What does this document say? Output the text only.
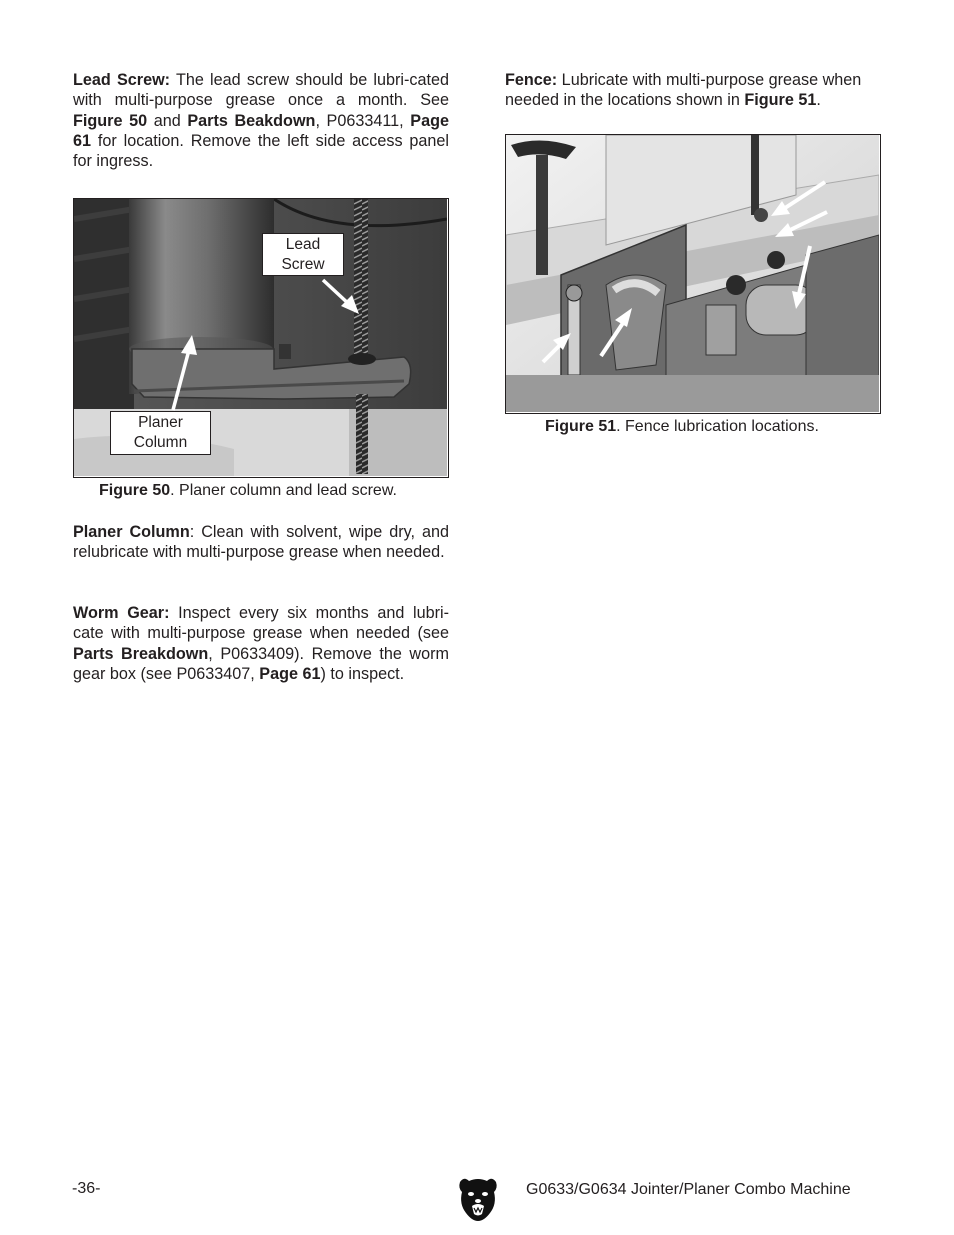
Lead Screw: The lead screw should be lubri-cated with multi-purpose grease once a month. See Figure 50 and Parts Beakdown, P0633411, Page 61 for location. Remove the left side access panel for ingress.

Lead
Screw
Planer
Column
Figure 50. Planer column and lead screw.

Planer Column: Clean with solvent, wipe dry, and relubricate with multi-purpose grease when needed.

Worm Gear: Inspect every six months and lubri-cate with multi-purpose grease when needed (see Parts Breakdown, P0633409). Remove the worm gear box (see P0633407, Page 61) to inspect.

Fence: Lubricate with multi-purpose grease when needed in the locations shown in Figure 51.

Figure 51. Fence lubrication locations.
-36-	G0633/G0634 Jointer/Planer Combo Machine
